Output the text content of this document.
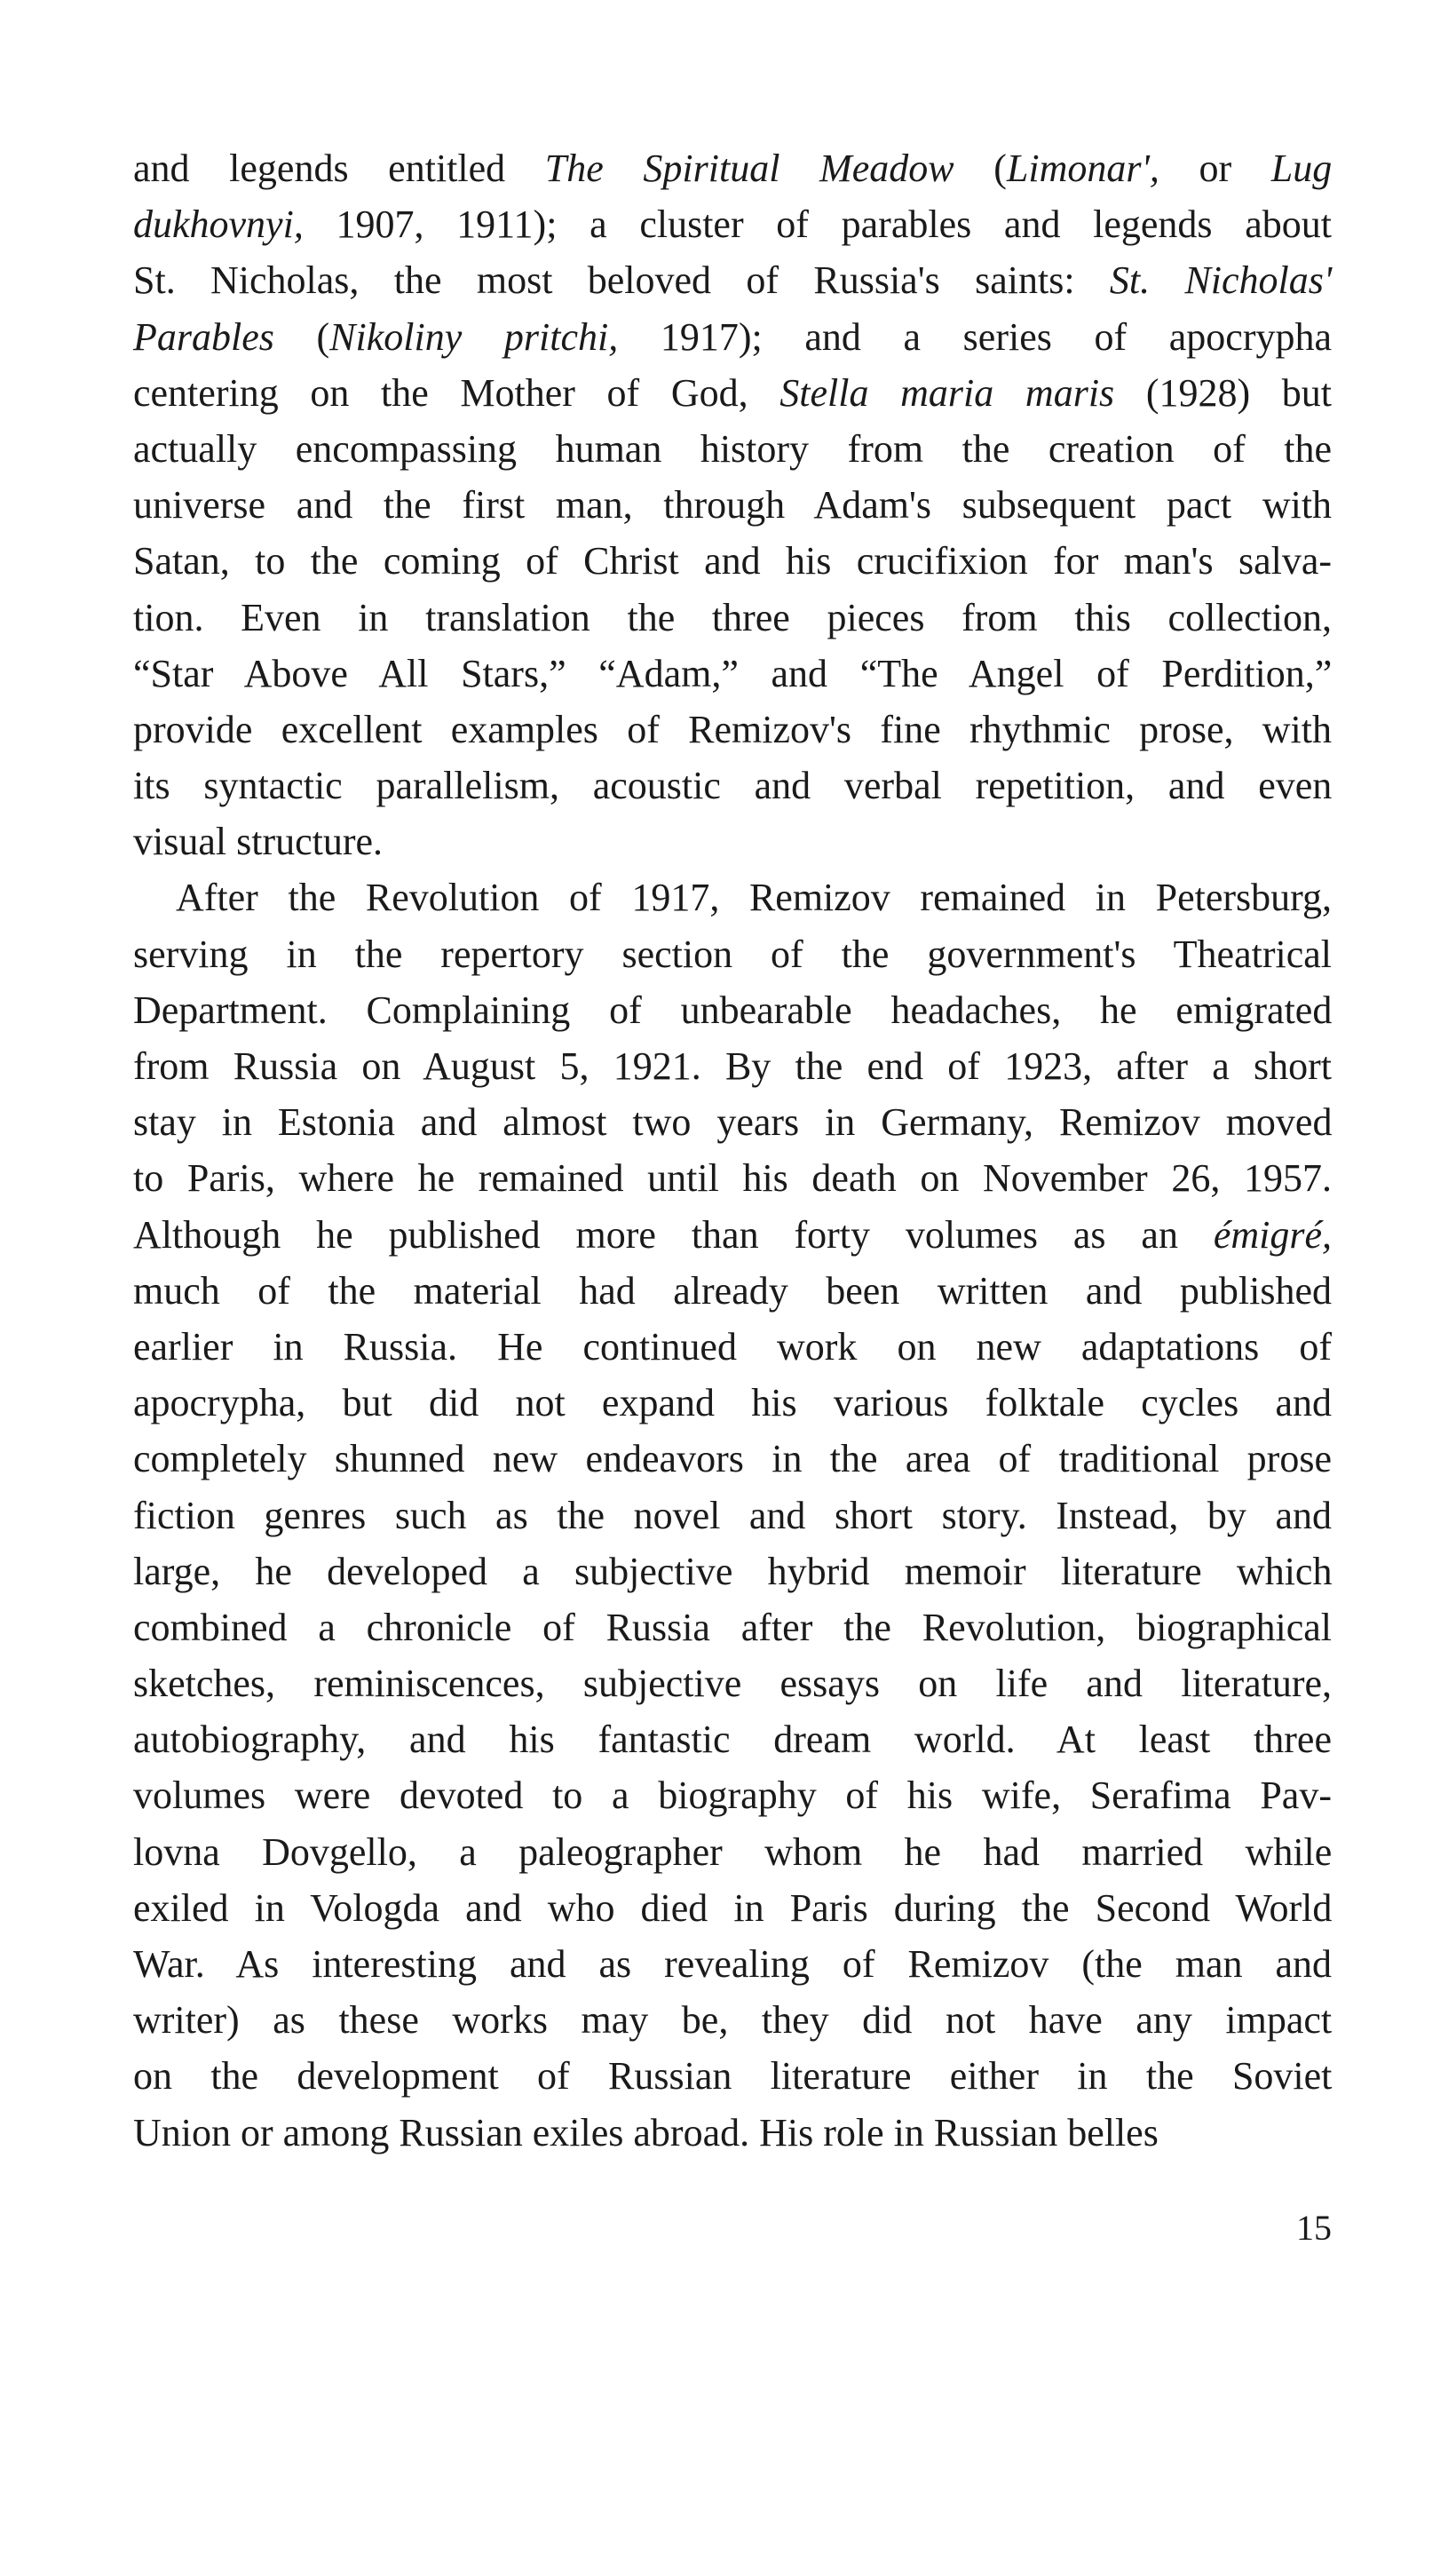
and legends entitled The Spiritual Meadow (Limonar', or Lug
dukhovnyi, 1907, 1911); a cluster of parables and legends about
St. Nicholas, the most beloved of Russia's saints: St. Nicholas'
Parables (Nikoliny pritchi, 1917); and a series of apocrypha
centering on the Mother of God, Stella maria maris (1928) but
actually encompassing human history from the creation of the
universe and the first man, through Adam's subsequent pact with
Satan, to the coming of Christ and his crucifixion for man's salva-
tion. Even in translation the three pieces from this collection,
“Star Above All Stars,” “Adam,” and “The Angel of Perdition,”
provide excellent examples of Remizov's fine rhythmic prose, with
its syntactic parallelism, acoustic and verbal repetition, and even
visual structure.
After the Revolution of 1917, Remizov remained in Petersburg,
serving in the repertory section of the government's Theatrical
Department. Complaining of unbearable headaches, he emigrated
from Russia on August 5, 1921. By the end of 1923, after a short
stay in Estonia and almost two years in Germany, Remizov moved
to Paris, where he remained until his death on November 26, 1957.
Although he published more than forty volumes as an émigré,
much of the material had already been written and published
earlier in Russia. He continued work on new adaptations of
apocrypha, but did not expand his various folktale cycles and
completely shunned new endeavors in the area of traditional prose
fiction genres such as the novel and short story. Instead, by and
large, he developed a subjective hybrid memoir literature which
combined a chronicle of Russia after the Revolution, biographical
sketches, reminiscences, subjective essays on life and literature,
autobiography, and his fantastic dream world. At least three
volumes were devoted to a biography of his wife, Serafima Pav-
lovna Dovgello, a paleographer whom he had married while
exiled in Vologda and who died in Paris during the Second World
War. As interesting and as revealing of Remizov (the man and
writer) as these works may be, they did not have any impact
on the development of Russian literature either in the Soviet
Union or among Russian exiles abroad. His role in Russian belles
15
